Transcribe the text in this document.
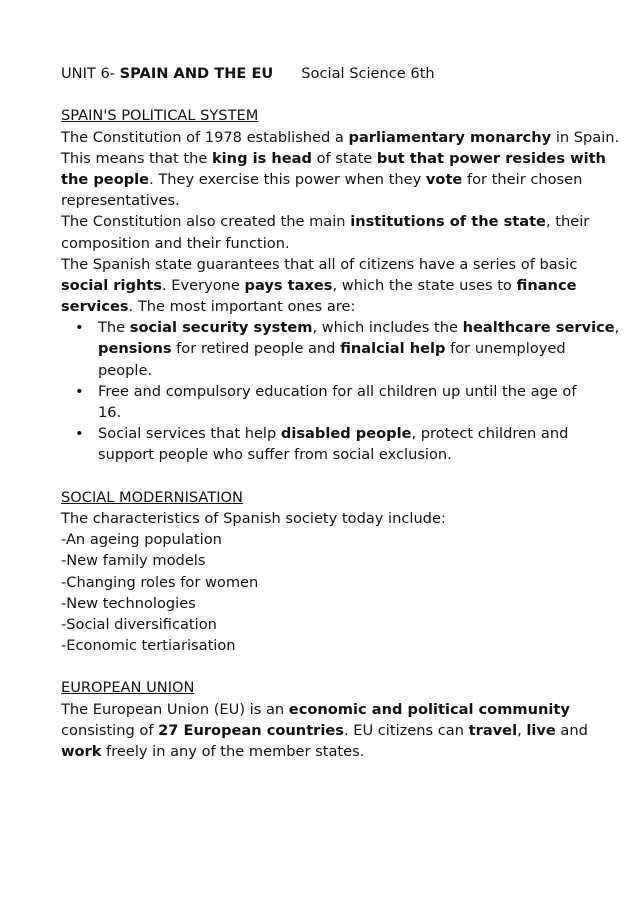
UNIT 6- SPAIN AND THE EU Social Science 6th
SPAIN'S POLITICAL SYSTEM
The Constitution of 1978 established a parliamentary monarchy in Spain.
This means that the king is head of state but that power resides with
the people. They exercise this power when they vote for their chosen
representatives.
The Constitution also created the main institutions of the state, their
composition and their function.
The Spanish state guarantees that all of citizens have a series of basic
social rights. Everyone pays taxes, which the state uses to finance
services. The most important ones are:
• The social security system, which includes the healthcare service,
pensions for retired people and finalcial help for unemployed
people.
• Free and compulsory education for all children up until the age of
16.
• Social services that help disabled people, protect children and
support people who suffer from social exclusion.
SOCIAL MODERNISATION
The characteristics of Spanish society today include:
-An ageing population
-New family models
-Changing roles for women
-New technologies
-Social diversification
-Economic tertiarisation
EUROPEAN UNION
The European Union (EU) is an economic and political community
consisting of 27 European countries. EU citizens can travel, live and
work freely in any of the member states.
